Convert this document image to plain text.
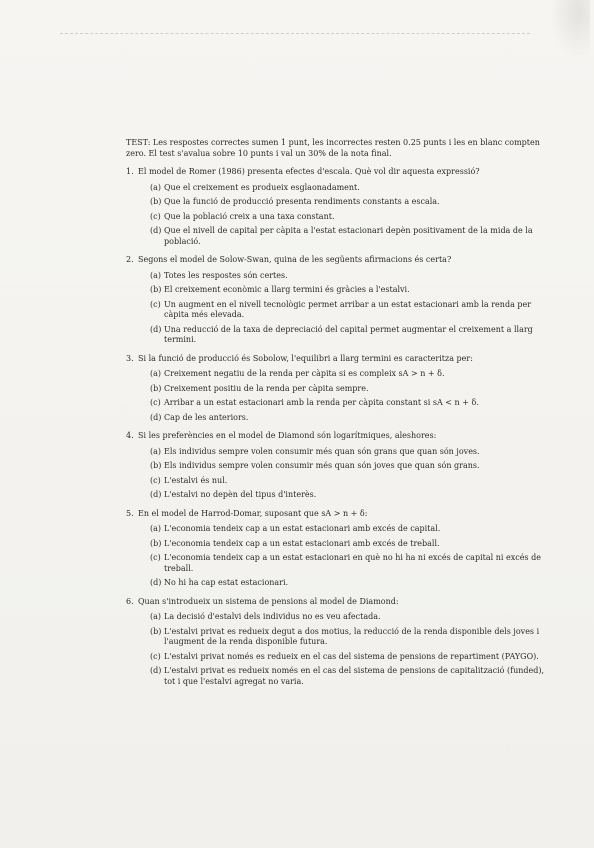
TEST: Les respostes correctes sumen 1 punt, les incorrectes resten 0.25 punts i les en blanc compten zero. El test s'avalua sobre 10 punts i val un 30% de la nota final.

1. El model de Romer (1986) presenta efectes d'escala. Què vol dir aquesta expressió?
(a) Que el creixement es produeix esglaonadament.
(b) Que la funció de producció presenta rendiments constants a escala.
(c) Que la població creix a una taxa constant.
(d) Que el nivell de capital per càpita a l'estat estacionari depèn positivament de la mida de la població.
2. Segons el model de Solow-Swan, quina de les següents afirmacions és certa?
(a) Totes les respostes són certes.
(b) El creixement econòmic a llarg termini és gràcies a l'estalvi.
(c) Un augment en el nivell tecnològic permet arribar a un estat estacionari amb la renda per càpita més elevada.
(d) Una reducció de la taxa de depreciació del capital permet augmentar el creixement a llarg termini.
3. Si la funció de producció és Sobolow, l'equilibri a llarg termini es caracteritza per:
(a) Creixement negatiu de la renda per càpita si es compleix sA > n + δ.
(b) Creixement positiu de la renda per càpita sempre.
(c) Arribar a un estat estacionari amb la renda per càpita constant si sA < n + δ.
(d) Cap de les anteriors.
4. Si les preferències en el model de Diamond són logarítmiques, aleshores:
(a) Els individus sempre volen consumir més quan són grans que quan són joves.
(b) Els individus sempre volen consumir més quan són joves que quan són grans.
(c) L'estalvi és nul.
(d) L'estalvi no depèn del tipus d'interès.
5. En el model de Harrod-Domar, suposant que sA > n + δ:
(a) L'economia tendeix cap a un estat estacionari amb excés de capital.
(b) L'economia tendeix cap a un estat estacionari amb excés de treball.
(c) L'economia tendeix cap a un estat estacionari en què no hi ha ni excés de capital ni excés de treball.
(d) No hi ha cap estat estacionari.
6. Quan s'introdueix un sistema de pensions al model de Diamond:
(a) La decisió d'estalvi dels individus no es veu afectada.
(b) L'estalvi privat es redueix degut a dos motius, la reducció de la renda disponible dels joves i l'augment de la renda disponible futura.
(c) L'estalvi privat només es redueix en el cas del sistema de pensions de repartiment (PAYGO).
(d) L'estalvi privat es redueix només en el cas del sistema de pensions de capitalització (funded), tot i que l'estalvi agregat no varia.
